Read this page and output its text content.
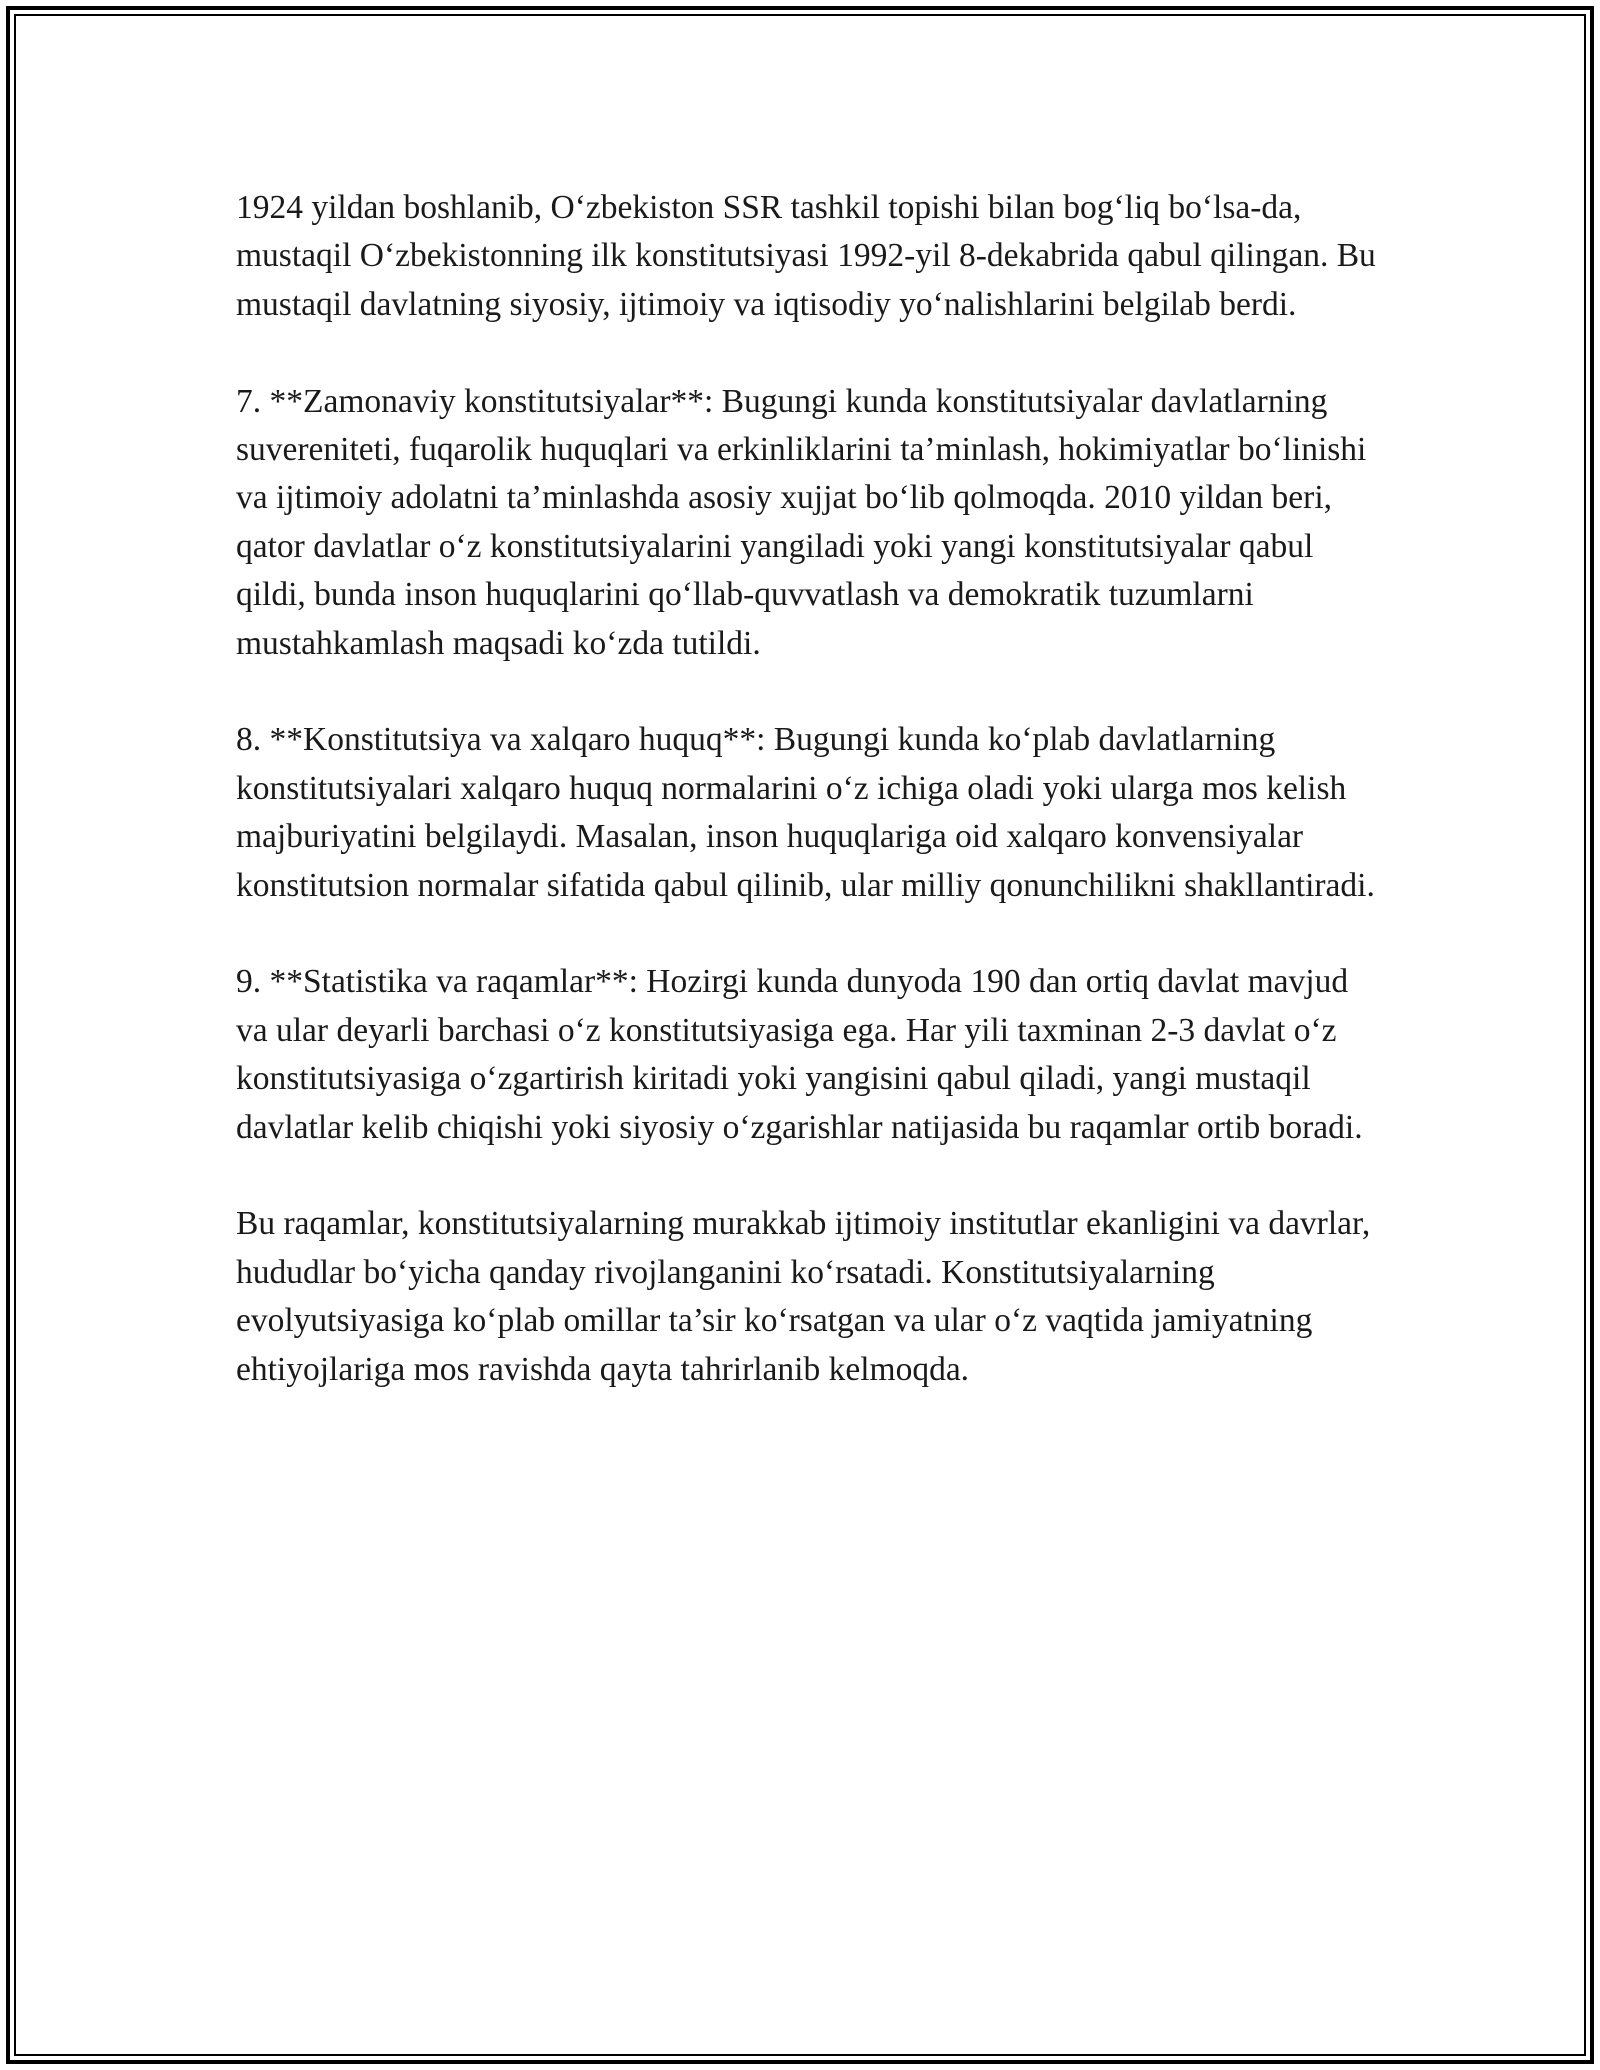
1924 yildan boshlanib, O‘zbekiston SSR tashkil topishi bilan bog‘liq bo‘lsa-da, mustaqil O‘zbekistonning ilk konstitutsiyasi 1992-yil 8-dekabrida qabul qilingan. Bu mustaqil davlatning siyosiy, ijtimoiy va iqtisodiy yo‘nalishlarini belgilab berdi.

7. **Zamonaviy konstitutsiyalar**: Bugungi kunda konstitutsiyalar davlatlarning suvereniteti, fuqarolik huquqlari va erkinliklarini ta’minlash, hokimiyatlar bo‘linishi va ijtimoiy adolatni ta’minlashda asosiy xujjat bo‘lib qolmoqda. 2010 yildan beri, qator davlatlar o‘z konstitutsiyalarini yangiladi yoki yangi konstitutsiyalar qabul qildi, bunda inson huquqlarini qo‘llab-quvvatlash va demokratik tuzumlarni mustahkamlash maqsadi ko‘zda tutildi.

8. **Konstitutsiya va xalqaro huquq**: Bugungi kunda ko‘plab davlatlarning konstitutsiyalari xalqaro huquq normalarini o‘z ichiga oladi yoki ularga mos kelish majburiyatini belgilaydi. Masalan, inson huquqlariga oid xalqaro konvensiyalar konstitutsion normalar sifatida qabul qilinib, ular milliy qonunchilikni shakllantiradi.

9. **Statistika va raqamlar**: Hozirgi kunda dunyoda 190 dan ortiq davlat mavjud va ular deyarli barchasi o‘z konstitutsiyasiga ega. Har yili taxminan 2-3 davlat o‘z konstitutsiyasiga o‘zgartirish kiritadi yoki yangisini qabul qiladi, yangi mustaqil davlatlar kelib chiqishi yoki siyosiy o‘zgarishlar natijasida bu raqamlar ortib boradi.

Bu raqamlar, konstitutsiyalarning murakkab ijtimoiy institutlar ekanligini va davrlar, hududlar bo‘yicha qanday rivojlanganini ko‘rsatadi. Konstitutsiyalarning evolyutsiyasiga ko‘plab omillar ta’sir ko‘rsatgan va ular o‘z vaqtida jamiyatning ehtiyojlariga mos ravishda qayta tahrirlanib kelmoqda.
